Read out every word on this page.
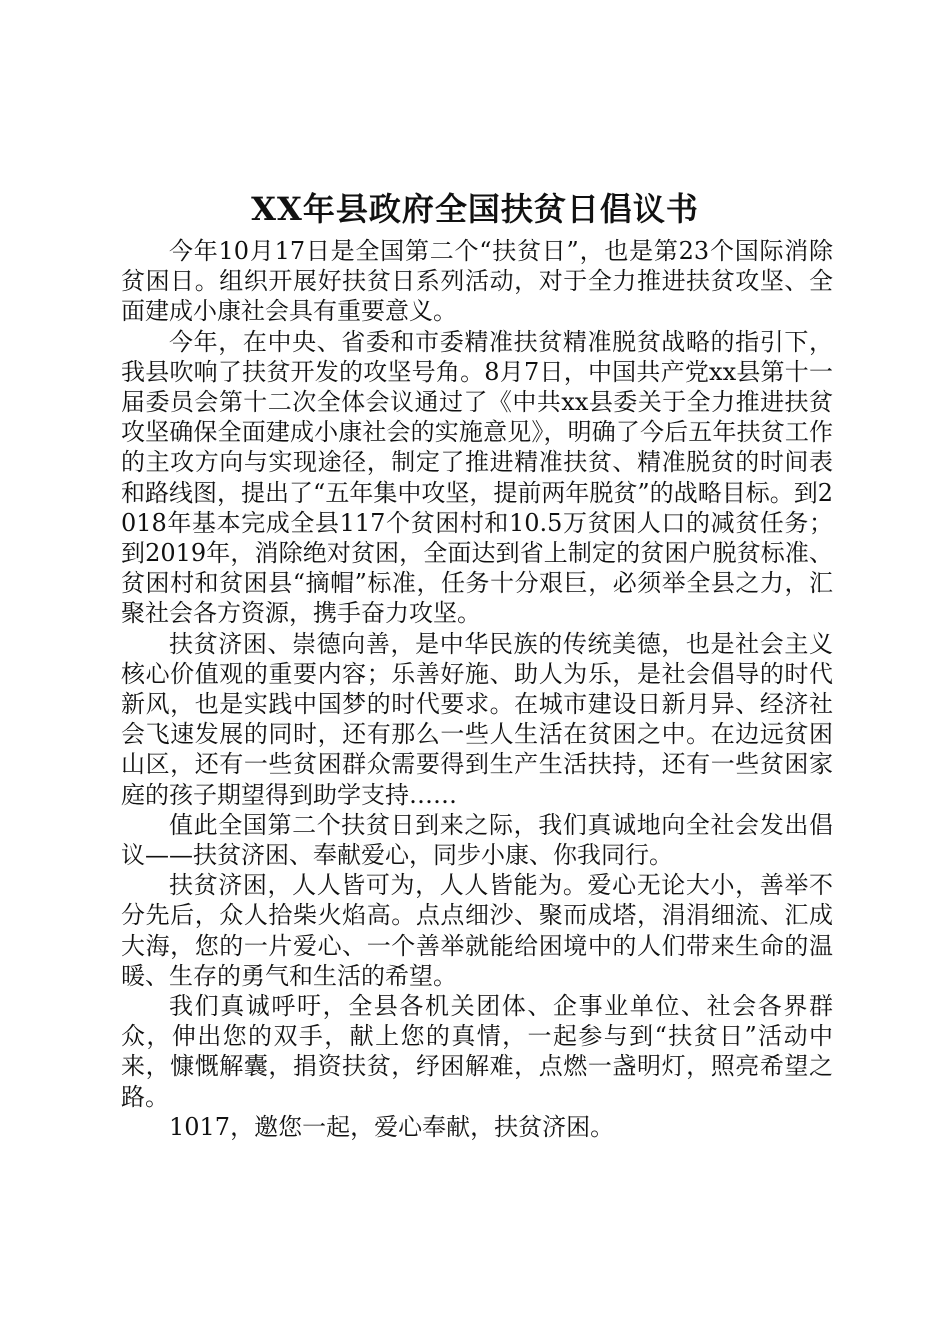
XX年县政府全国扶贫日倡议书

今年10月17日是全国第二个“扶贫日”，也是第23个国际消除贫困日。组织开展好扶贫日系列活动，对于全力推进扶贫攻坚、全面建成小康社会具有重要意义。

今年，在中央、省委和市委精准扶贫精准脱贫战略的指引下，我县吹响了扶贫开发的攻坚号角。8月7日，中国共产党xx县第十一届委员会第十二次全体会议通过了《中共xx县委关于全力推进扶贫攻坚确保全面建成小康社会的实施意见》，明确了今后五年扶贫工作的主攻方向与实现途径，制定了推进精准扶贫、精准脱贫的时间表和路线图，提出了“五年集中攻坚，提前两年脱贫”的战略目标。到2018年基本完成全县117个贫困村和10.5万贫困人口的减贫任务；到2019年，消除绝对贫困，全面达到省上制定的贫困户脱贫标准、贫困村和贫困县“摘帽”标准，任务十分艰巨，必须举全县之力，汇聚社会各方资源，携手奋力攻坚。

扶贫济困、崇德向善，是中华民族的传统美德，也是社会主义核心价值观的重要内容；乐善好施、助人为乐，是社会倡导的时代新风，也是实践中国梦的时代要求。在城市建设日新月异、经济社会飞速发展的同时，还有那么一些人生活在贫困之中。在边远贫困山区，还有一些贫困群众需要得到生产生活扶持，还有一些贫困家庭的孩子期望得到助学支持……

值此全国第二个扶贫日到来之际，我们真诚地向全社会发出倡议——扶贫济困、奉献爱心，同步小康、你我同行。

扶贫济困，人人皆可为，人人皆能为。爱心无论大小，善举不分先后，众人拾柴火焰高。点点细沙、聚而成塔，涓涓细流、汇成大海，您的一片爱心、一个善举就能给困境中的人们带来生命的温暖、生存的勇气和生活的希望。

我们真诚呼吁，全县各机关团体、企事业单位、社会各界群众，伸出您的双手，献上您的真情，一起参与到“扶贫日”活动中来，慷慨解囊，捐资扶贫，纾困解难，点燃一盏明灯，照亮希望之路。

1017，邀您一起，爱心奉献，扶贫济困。
